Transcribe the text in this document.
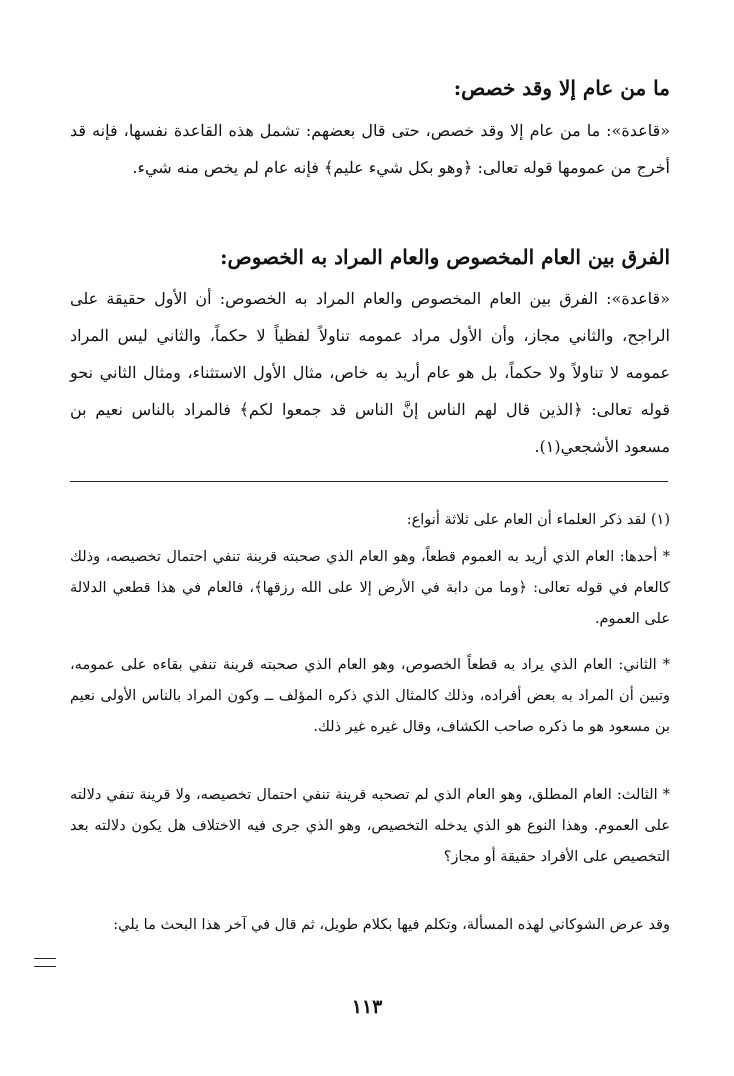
ما من عام إلا وقد خصص:
«قاعدة»: ما من عام إلا وقد خصص، حتى قال بعضهم: تشمل هذه القاعدة نفسها، فإنه قد أخرج من عمومها قوله تعالى: ﴿وهو بكل شيء عليم﴾ فإنه عام لم يخص منه شيء.
الفرق بين العام المخصوص والعام المراد به الخصوص:
«قاعدة»: الفرق بين العام المخصوص والعام المراد به الخصوص: أن الأول حقيقة على الراجح، والثاني مجاز، وأن الأول مراد عمومه تناولاً لفظياً لا حكماً، والثاني ليس المراد عمومه لا تناولاً ولا حكماً، بل هو عام أريد به خاص، مثال الأول الاستثناء، ومثال الثاني نحو قوله تعالى: ﴿الذين قال لهم الناس إنَّ الناس قد جمعوا لكم﴾ فالمراد بالناس نعيم بن مسعود الأشجعي(١).
(١) لقد ذكر العلماء أن العام على ثلاثة أنواع:
* أحدها: العام الذي أريد به العموم قطعاً، وهو العام الذي صحبته قرينة تنفي احتمال تخصيصه، وذلك كالعام في قوله تعالى: ﴿وما من دابة في الأرض إلا على الله رزقها﴾، فالعام في هذا قطعي الدلالة على العموم.
* الثاني: العام الذي يراد به قطعاً الخصوص، وهو العام الذي صحبته قرينة تنفي بقاءه على عمومه، وتبين أن المراد به بعض أفراده، وذلك كالمثال الذي ذكره المؤلف ــ وكون المراد بالناس الأولى نعيم بن مسعود هو ما ذكره صاحب الكشاف، وقال غيره غير ذلك.
* الثالث: العام المطلق، وهو العام الذي لم تصحبه قرينة تنفي احتمال تخصيصه، ولا قرينة تنفي دلالته على العموم. وهذا النوع هو الذي يدخله التخصيص، وهو الذي جرى فيه الاختلاف هل يكون دلالته بعد التخصيص على الأفراد حقيقة أو مجاز؟
وقد عرض الشوكاني لهذه المسألة، وتكلم فيها بكلام طويل، ثم قال في آخر هذا البحث ما يلي:
١١٣
